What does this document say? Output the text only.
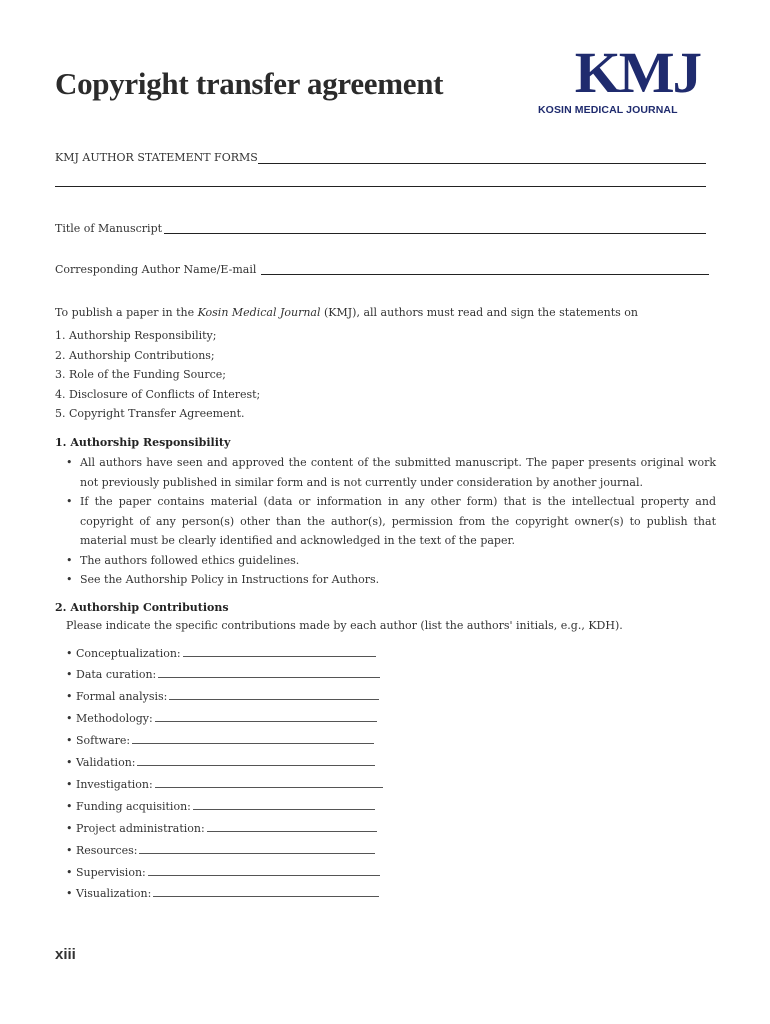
Copyright transfer agreement KMJ
KOSIN MEDICAL JOURNAL
KMJ AUTHOR STATEMENT FORMS
Title of Manuscript
Corresponding Author Name/E-mail
To publish a paper in the Kosin Medical Journal (KMJ), all authors must read and sign the statements on
1. Authorship Responsibility;
2. Authorship Contributions;
3. Role of the Funding Source;
4. Disclosure of Conflicts of Interest;
5. Copyright Transfer Agreement.
1. Authorship Responsibility
• All authors have seen and approved the content of the submitted manuscript. The paper presents original work not previously published in similar form and is not currently under consideration by another journal.
• If the paper contains material (data or information in any other form) that is the intellectual property and copyright of any person(s) other than the author(s), permission from the copyright owner(s) to publish that material must be clearly identified and acknowledged in the text of the paper.
• The authors followed ethics guidelines.
• See the Authorship Policy in Instructions for Authors.
2. Authorship Contributions
Please indicate the specific contributions made by each author (list the authors' initials, e.g., KDH).
• Conceptualization:
• Data curation:
• Formal analysis:
• Methodology:
• Software:
• Validation:
• Investigation:
• Funding acquisition:
• Project administration:
• Resources:
• Supervision:
• Visualization:
xiii
